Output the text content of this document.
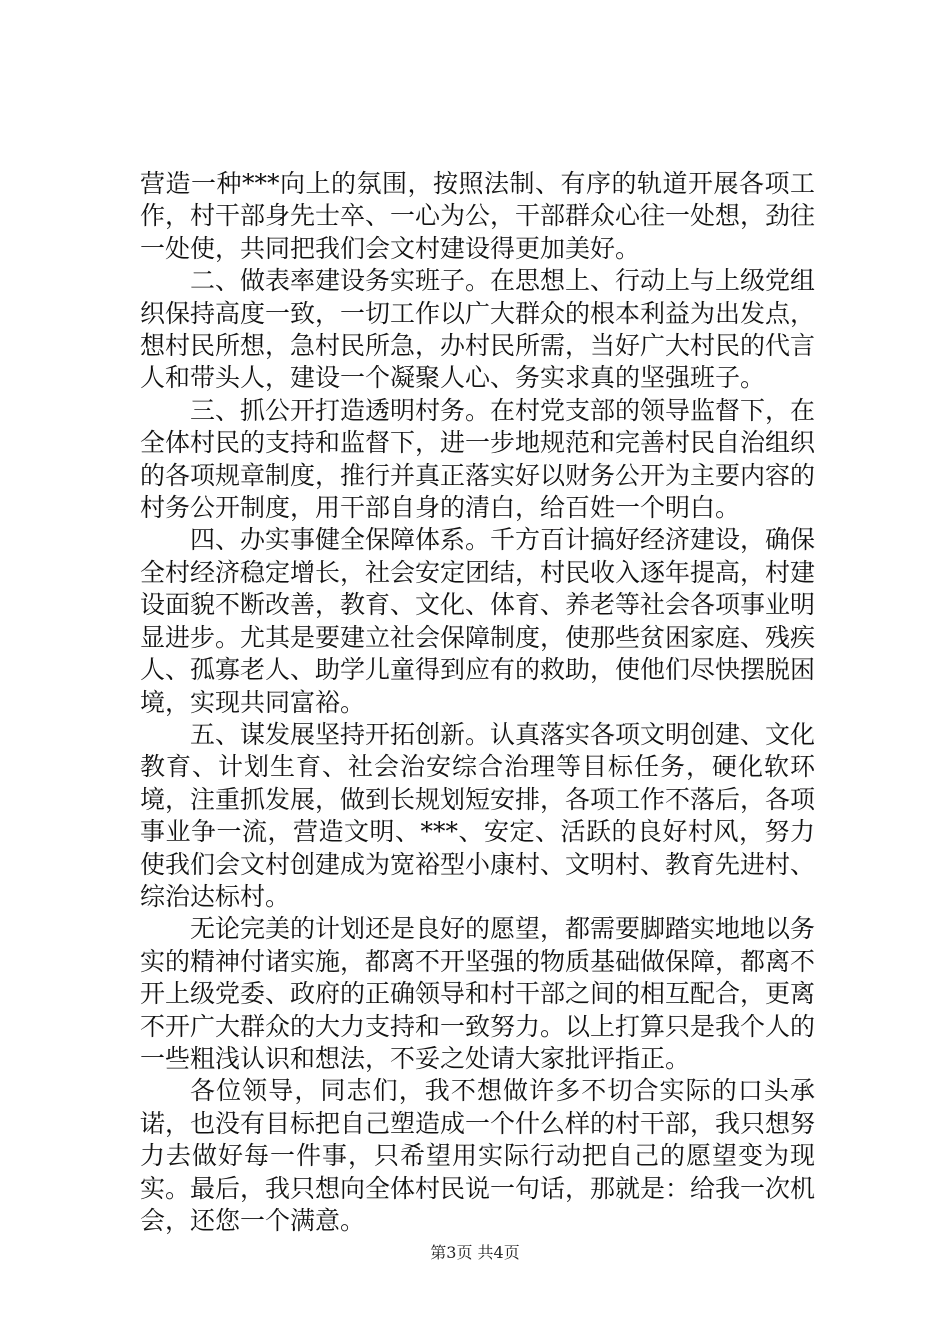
营造一种***向上的氛围，按照法制、有序的轨道开展各项工作，村干部身先士卒、一心为公，干部群众心往一处想，劲往一处使，共同把我们会文村建设得更加美好。

二、做表率建设务实班子。在思想上、行动上与上级党组织保持高度一致，一切工作以广大群众的根本利益为出发点，想村民所想，急村民所急，办村民所需，当好广大村民的代言人和带头人，建设一个凝聚人心、务实求真的坚强班子。

三、抓公开打造透明村务。在村党支部的领导监督下，在全体村民的支持和监督下，进一步地规范和完善村民自治组织的各项规章制度，推行并真正落实好以财务公开为主要内容的村务公开制度，用干部自身的清白，给百姓一个明白。

四、办实事健全保障体系。千方百计搞好经济建设，确保全村经济稳定增长，社会安定团结，村民收入逐年提高，村建设面貌不断改善，教育、文化、体育、养老等社会各项事业明显进步。尤其是要建立社会保障制度，使那些贫困家庭、残疾人、孤寡老人、助学儿童得到应有的救助，使他们尽快摆脱困境，实现共同富裕。

五、谋发展坚持开拓创新。认真落实各项文明创建、文化教育、计划生育、社会治安综合治理等目标任务，硬化软环境，注重抓发展，做到长规划短安排，各项工作不落后，各项事业争一流，营造文明、***、安定、活跃的良好村风，努力使我们会文村创建成为宽裕型小康村、文明村、教育先进村、综治达标村。

无论完美的计划还是良好的愿望，都需要脚踏实地地以务实的精神付诸实施，都离不开坚强的物质基础做保障，都离不开上级党委、政府的正确领导和村干部之间的相互配合，更离不开广大群众的大力支持和一致努力。以上打算只是我个人的一些粗浅认识和想法，不妥之处请大家批评指正。

各位领导，同志们，我不想做许多不切合实际的口头承诺，也没有目标把自己塑造成一个什么样的村干部，我只想努力去做好每一件事，只希望用实际行动把自己的愿望变为现实。最后，我只想向全体村民说一句话，那就是：给我一次机会，还您一个满意。

第3页 共4页
